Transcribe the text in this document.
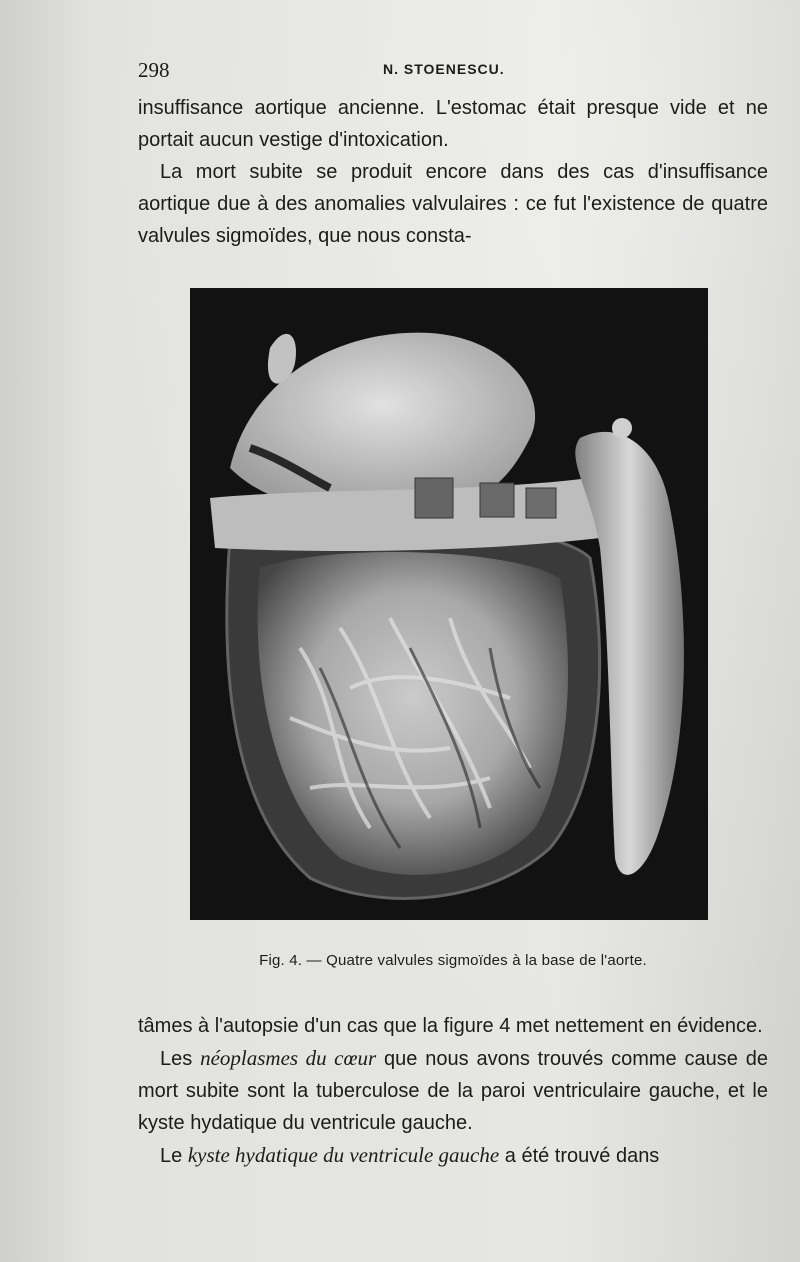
298	N. STOENESCU.

insuffisance aortique ancienne. L'estomac était presque vide et ne portait aucun vestige d'intoxication.

La mort subite se produit encore dans des cas d'insuffisance aortique due à des anomalies valvulaires : ce fut l'existence de quatre valvules sigmoïdes, que nous consta-

Fig. 4. — Quatre valvules sigmoïdes à la base de l'aorte.

tâmes à l'autopsie d'un cas que la figure 4 met nettement en évidence.

Les néoplasmes du cœur que nous avons trouvés comme cause de mort subite sont la tuberculose de la paroi ventriculaire gauche, et le kyste hydatique du ventricule gauche.

Le kyste hydatique du ventricule gauche a été trouvé dans
